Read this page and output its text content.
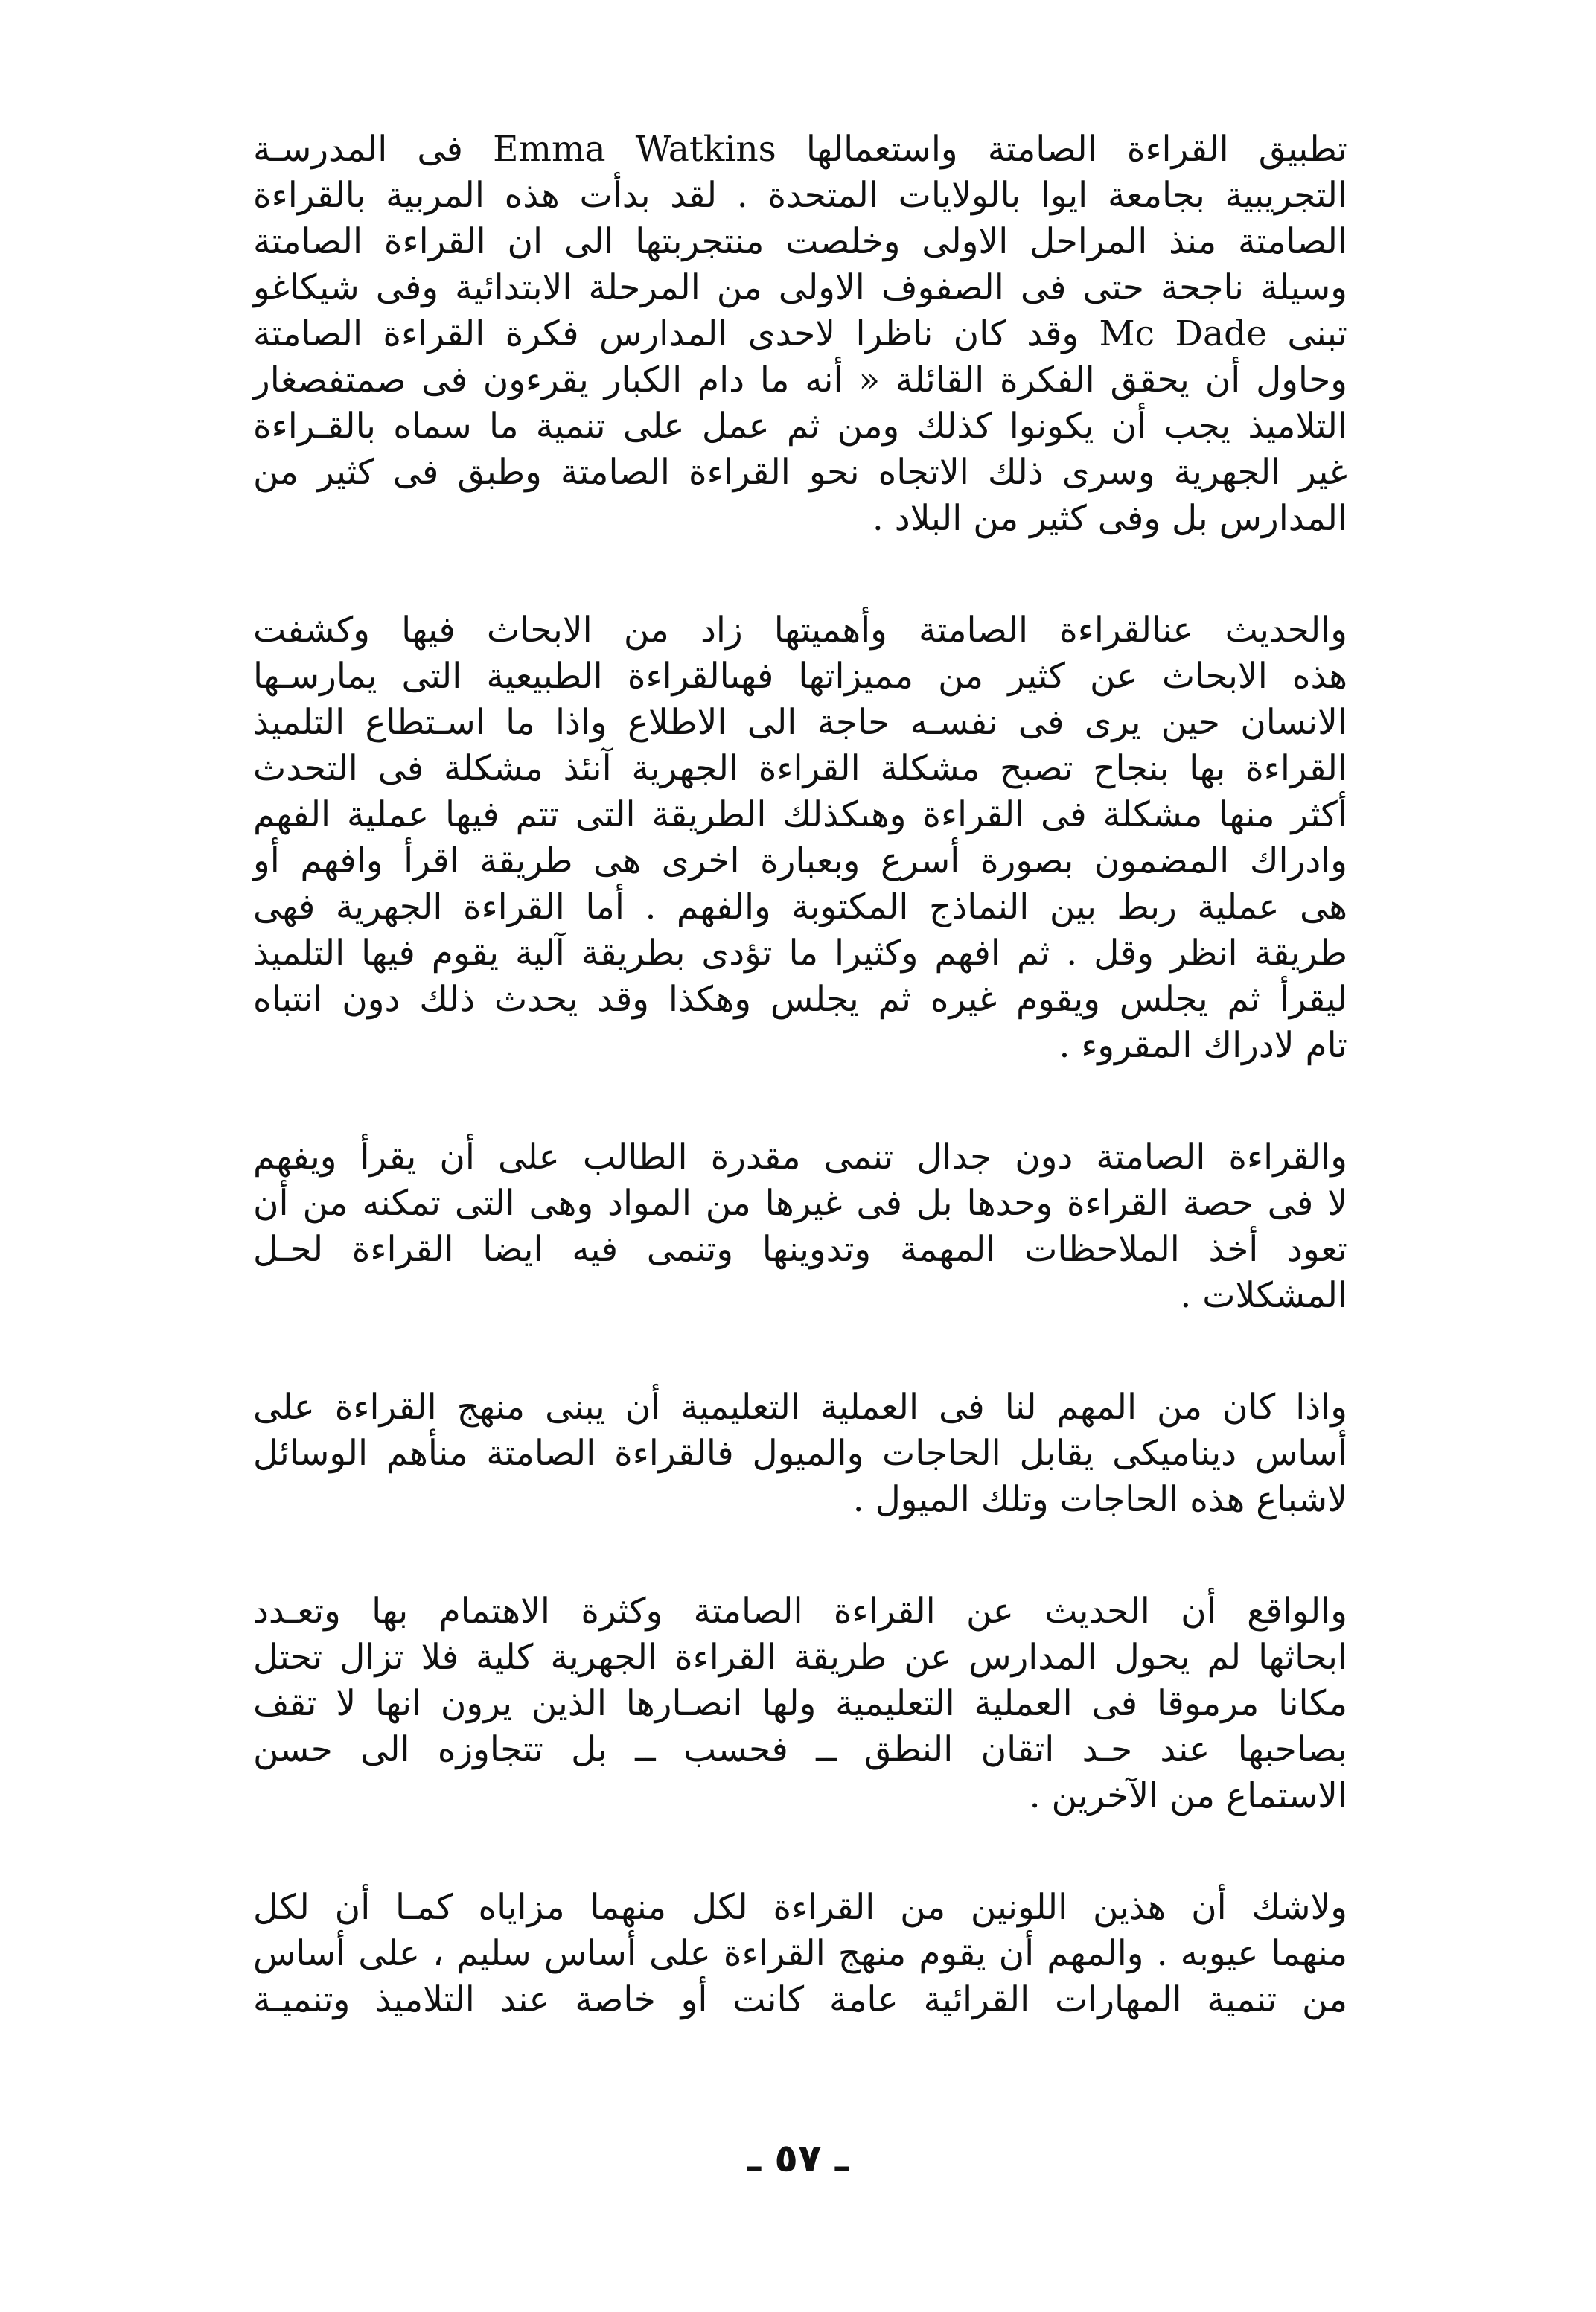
تطبيق القراءة الصامتة واستعمالها Emma Watkins فى المدرسـة
التجريبية بجامعة ايوا بالولايات المتحدة . لقد بدأت هذه المربية بالقراءة
الصامتة منذ المراحل الاولى وخلصت منتجربتها الى ان القراءة الصامتة
وسيلة ناجحة حتى فى الصفوف الاولى من المرحلة الابتدائية وفى شيكاغو
تبنى Mc Dade وقد كان ناظرا لاحدى المدارس فكرة القراءة الصامتة
وحاول أن يحقق الفكرة القائلة « أنه ما دام الكبار يقرءون فى صمتفصغار
التلاميذ يجب أن يكونوا كذلك ومن ثم عمل على تنمية ما سماه بالقـراءة
غير الجهرية وسرى ذلك الاتجاه نحو القراءة الصامتة وطبق فى كثير من
المدارس بل وفى كثير من البلاد .
والحديث عنالقراءة الصامتة وأهميتها زاد من الابحاث فيها وكشفت
هذه الابحاث عن كثير من مميزاتها فهىالقراءة الطبيعية التى يمارسـها
الانسان حين يرى فى نفسـه حاجة الى الاطلاع واذا ما اسـتطاع التلميذ
القراءة بها بنجاح تصبح مشكلة القراءة الجهرية آنئذ مشكلة فى التحدث
أكثر منها مشكلة فى القراءة وهىكذلك الطريقة التى تتم فيها عملية الفهم
وادراك المضمون بصورة أسرع وبعبارة اخرى هى طريقة اقرأ وافهم أو
هى عملية ربط بين النماذج المكتوبة والفهم . أما القراءة الجهرية فهى
طريقة انظر وقل . ثم افهم وكثيرا ما تؤدى بطريقة آلية يقوم فيها التلميذ
ليقرأ ثم يجلس ويقوم غيره ثم يجلس وهكذا وقد يحدث ذلك دون انتباه
تام لادراك المقروء .
والقراءة الصامتة دون جدال تنمى مقدرة الطالب على أن يقرأ ويفهم
لا فى حصة القراءة وحدها بل فى غيرها من المواد وهى التى تمكنه من أن
تعود أخذ الملاحظات المهمة وتدوينها وتنمى فيه ايضا القراءة لحـل
المشكلات .
واذا كان من المهم لنا فى العملية التعليمية أن يبنى منهج القراءة على
أساس ديناميكى يقابل الحاجات والميول فالقراءة الصامتة منأهم الوسائل
لاشباع هذه الحاجات وتلك الميول .
والواقع أن الحديث عن القراءة الصامتة وكثرة الاهتمام بها وتعـدد
ابحاثها لم يحول المدارس عن طريقة القراءة الجهرية كلية فلا تزال تحتل
مكانا مرموقا فى العملية التعليمية ولها انصـارها الذين يرون انها لا تقف
بصاحبها عند حـد اتقان النطق ــ فحسب ــ بل تتجاوزه الى حسن
الاستماع من الآخرين .
ولاشك أن هذين اللونين من القراءة لكل منهما مزاياه كمـا أن لكل
منهما عيوبه . والمهم أن يقوم منهج القراءة على أساس سليم ، على أساس
من تنمية المهارات القرائية عامة كانت أو خاصة عند التلاميذ وتنميـة
ـ ٥٧ ـ
